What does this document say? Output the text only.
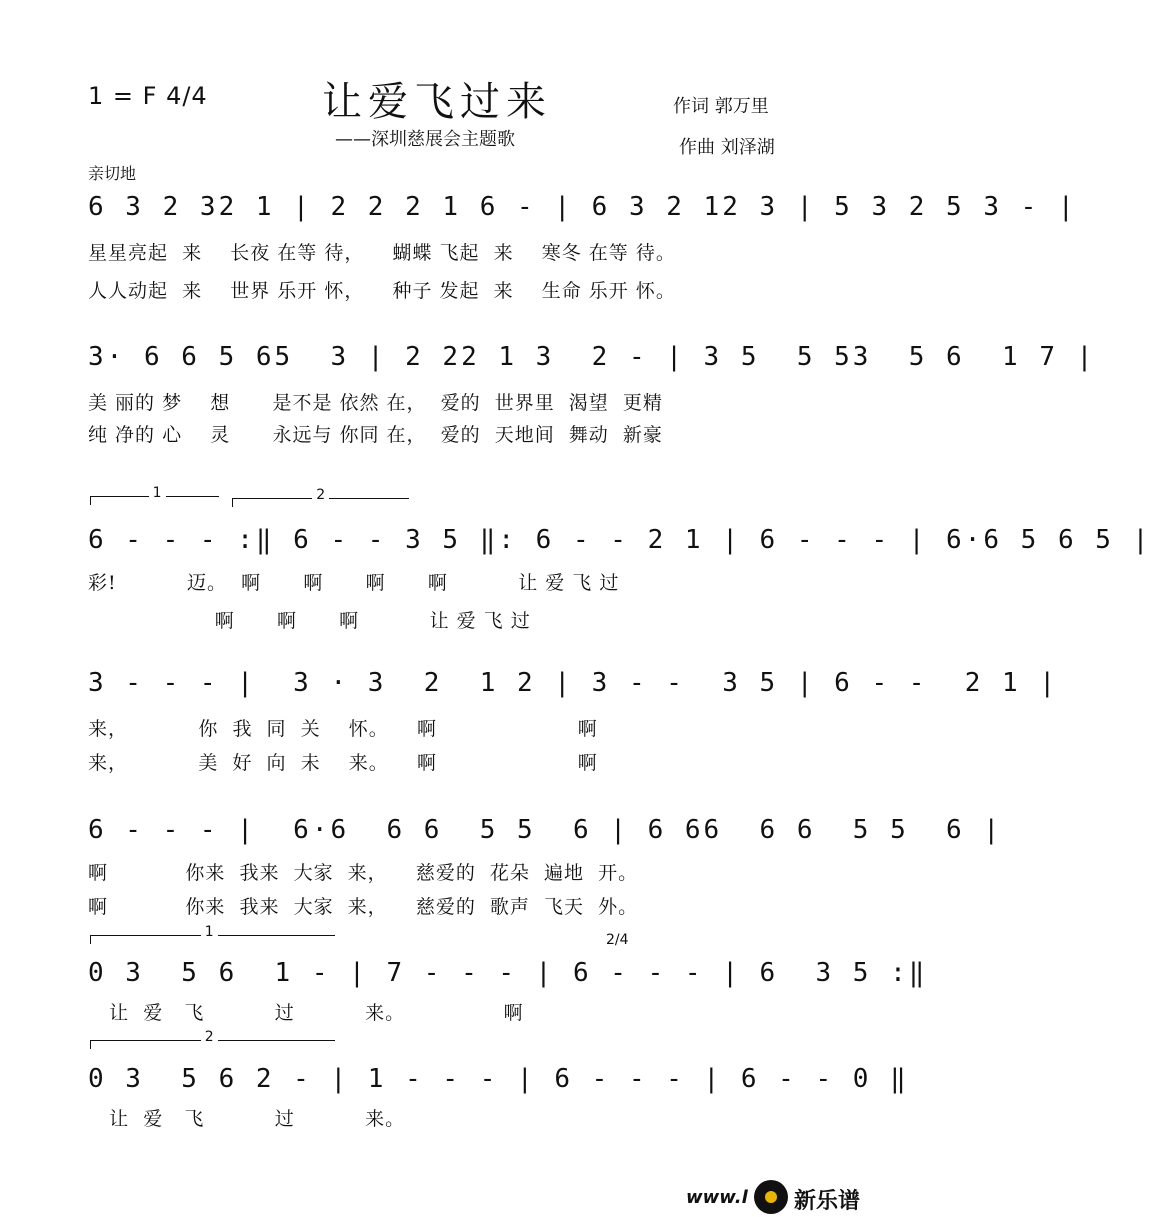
1 = F 4/4	让爱飞过来
——深圳慈展会主题歌
作词 郭万里
作曲 刘泽湖
亲切地
6 3 2 32 1 | 2 2 2 1 6 - | 6 3 2 12 3 | 5 3 2 5 3 - |
星星亮起  来    长夜 在等 待，    蝴蝶 飞起  来    寒冬 在等 待。
人人动起  来    世界 乐开 怀，    种子 发起  来    生命 乐开 怀。
3· 6 6 5 65  3 | 2 22 1 3  2 - | 3 5  5 53  5 6  1 7 |
美 丽的 梦    想      是不是 依然 在，  爱的  世界里  渴望  更精
纯 净的 心    灵      永远与 你同 在，  爱的  天地间  舞动  新豪
1	2
6 - - - :‖ 6 - - 3 5 ‖: 6 - - 2 1 | 6 - - - | 6·6 5 6 5 |
彩!          迈。  啊      啊      啊      啊          让 爱 飞 过
啊      啊      啊          让 爱 飞 过
3 - - - |  3 · 3  2  1 2 | 3 - -  3 5 | 6 - -  2 1 |
来，          你  我  同  关    怀。    啊                    啊
来，          美  好  向  未    来。    啊                    啊
6 - - - |  6·6  6 6  5 5  6 | 6 66  6 6  5 5  6 |
啊           你来  我来  大家  来，    慈爱的  花朵  遍地  开。
啊           你来  我来  大家  来，    慈爱的  歌声  飞天  外。
1	2/4
0 3  5 6  1 - | 7 - - - | 6 - - - | 6  3 5 :‖
让  爱   飞          过          来。              啊
2
0 3  5 6 2 - | 1 - - - | 6 - - - | 6 - - 0 ‖
让  爱   飞          过          来。
www.l 新乐谱
